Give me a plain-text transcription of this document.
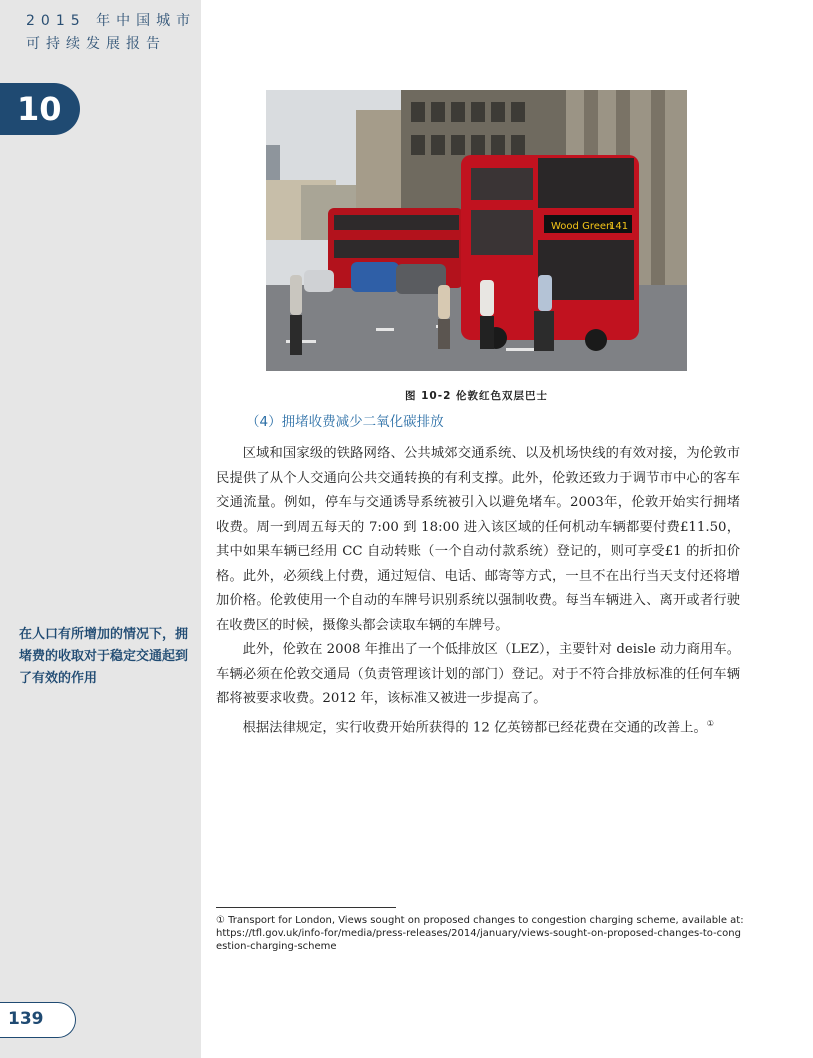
2015 年中国城市
可持续发展报告
10
在人口有所增加的情况下，拥堵费的收取对于稳定交通起到了有效的作用
139
Wood Green
141
图 10-2 伦敦红色双层巴士
（4）拥堵收费减少二氧化碳排放

区域和国家级的铁路网络、公共城郊交通系统、以及机场快线的有效对接，为伦敦市民提供了从个人交通向公共交通转换的有利支撑。此外，伦敦还致力于调节市中心的客车交通流量。例如，停车与交通诱导系统被引入以避免堵车。2003年，伦敦开始实行拥堵收费。周一到周五每天的 7:00 到 18:00 进入该区域的任何机动车辆都要付费£11.50，其中如果车辆已经用 CC 自动转账（一个自动付款系统）登记的，则可享受£1 的折扣价格。此外，必须线上付费，通过短信、电话、邮寄等方式，一旦不在出行当天支付还将增加价格。伦敦使用一个自动的车牌号识别系统以强制收费。每当车辆进入、离开或者行驶在收费区的时候，摄像头都会读取车辆的车牌号。

此外，伦敦在 2008 年推出了一个低排放区（LEZ），主要针对 deisle 动力商用车。车辆必须在伦敦交通局（负责管理该计划的部门）登记。对于不符合排放标准的任何车辆都将被要求收费。2012 年，该标准又被进一步提高了。

根据法律规定，实行收费开始所获得的 12 亿英镑都已经花费在交通的改善上。①

① Transport for London, Views sought on proposed changes to congestion charging scheme, available at: https://tfl.gov.uk/info-for/media/press-releases/2014/january/views-sought-on-proposed-changes-to-congestion-charging-scheme
